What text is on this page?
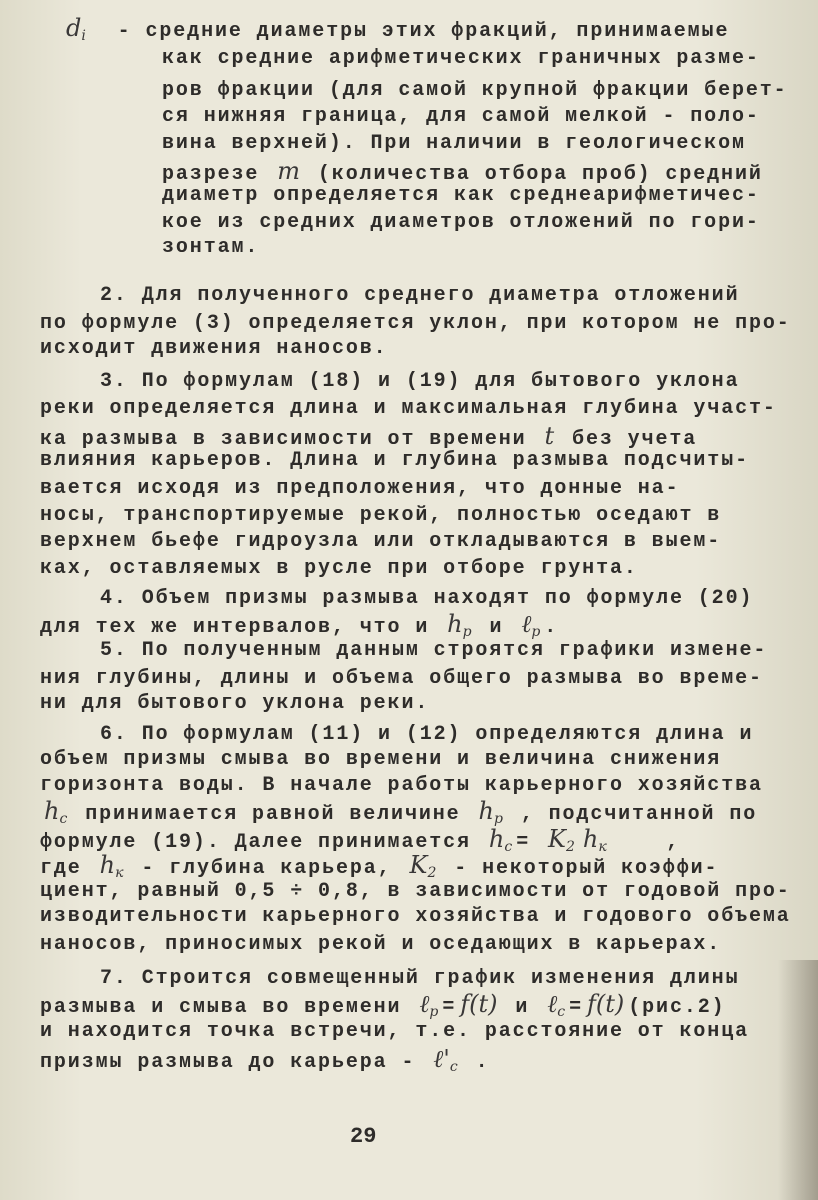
$d_i$  - средние диаметры этих фракций, принимаемые
как средние арифметических граничных разме-
ров фракции (для самой крупной фракции берет-
ся нижняя граница, для самой мелкой - поло-
вина верхней). При наличии в геологическом
разрезе m (количества отбора проб) средний
диаметр определяется как среднеарифметичес-
кое из средних диаметров отложений по гори-
зонтам.
2. Для полученного среднего диаметра отложений
по формуле (3) определяется уклон, при котором не про-
исходит движения наносов.
3. По формулам (18) и (19) для бытового уклона
реки определяется длина и максимальная глубина участ-
ка размыва в зависимости от времени t без учета
влияния карьеров. Длина и глубина размыва подсчиты-
вается исходя из предположения, что донные на-
носы, транспортируемые рекой, полностью оседают в
верхнем бьефе гидроузла или откладываются в выем-
ках, оставляемых в русле при отборе грунта.
4. Объем призмы размыва находят по формуле (20)
для тех же интервалов, что и $h_p$ и ℓ$_p$ .
5. По полученным данным строятся графики измене-
ния глубины, длины и объема общего размыва во време-
ни для бытового уклона реки.
6. По формулам (11) и (12) определяются длина и
объем призмы смыва во времени и величина снижения
горизонта воды. В начале работы карьерного хозяйства
$h_c$ принимается равной величине $h_p$ , подсчитанной по
формуле (19). Далее принимается $h_c = K_2$ $h_к$    ,
где $h_к$ - глубина карьера, $K_2$ - некоторый коэффи-
циент, равный 0,5 ÷ 0,8, в зависимости от годовой про-
изводительности карьерного хозяйства и годового объема
наносов, приносимых рекой и оседающих в карьерах.
7. Строится совмещенный график изменения длины
размыва и смыва во времени ℓ$_p$ = f(t) и ℓ$_c$ = f(t) (рис.2)
и находится точка встречи, т.е. расстояние от конца
призмы размыва до карьера - $\ell'_c$ .
29
